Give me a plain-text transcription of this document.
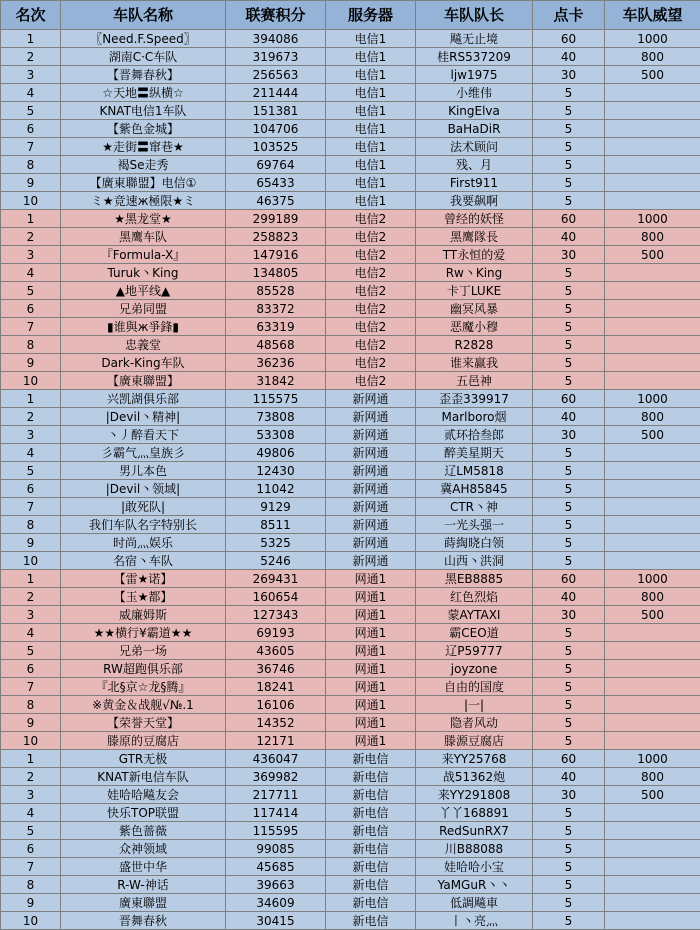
名次	车队名称	联赛积分	服务器	车队队长	点卡	车队威望
1	〖Need.F.Speed〗	394086	电信1	飚无止境	60	1000
2	湖南C·C车队	319673	电信1	桂RS537209	40	800
3	【晋舞春秋】	256563	电信1	ljw1975	30	500
4	☆天地〓纵横☆	211444	电信1	小维伟	5	
5	KNAT电信1车队	151381	电信1	KingElva	5	
6	【紫色金城】	104706	电信1	BaHaDiR	5	
7	★走街〓窜巷★	103525	电信1	法术顾问	5	
8	褐Se走秀	69764	电信1	残、月	5	
9	【廣東聯盟】电信①	65433	电信1	First911	5	
10	ミ★竞速ж極限★ミ	46375	电信1	我要飙啊	5	
1	★黑龙堂★	299189	电信2	曾经的妖怪	60	1000
2	黑鹰车队	258823	电信2	黑鹰隊長	40	800
3	『Formula-X』	147916	电信2	TT永恒的爱	30	500
4	Turuk丶King	134805	电信2	Rw丶King	5	
5	▲地平线▲	85528	电信2	卡丁LUKE	5	
6	兄弟同盟	83372	电信2	幽冥风暴	5	
7	▮谁與ж爭鋒▮	63319	电信2	恶魔小穆	5	
8	忠義堂	48568	电信2	R2828	5	
9	Dark-King车队	36236	电信2	谁来赢我	5	
10	【廣東聯盟】	31842	电信2	五邑神	5	
1	兴凯湖俱乐部	115575	新网通	歪歪339917	60	1000
2	|Devil丶精神|	73808	新网通	Marlboro烟	40	800
3	丶丿醉看天下	53308	新网通	贰环拾叁郎	30	500
4	彡霸气灬皇族彡	49806	新网通	醉美星期天	5	
5	男儿本色	12430	新网通	辽LM5818	5	
6	|Devil丶领域|	11042	新网通	冀AH85845	5	
7	|敢死队|	9129	新网通	CTR丶神	5	
8	我们车队名字特别长	8511	新网通	一光头强一	5	
9	时尚灬娱乐	5325	新网通	蒔綯晓白领	5	
10	名宿丶车队	5246	新网通	山西丶洪洞	5	
1	【雷★诺】	269431	网通1	黑EB8885	60	1000
2	【玉★都】	160654	网通1	红色烈焰	40	800
3	威廉姆斯	127343	网通1	蒙AYTAXI	30	500
4	★★横行¥霸道★★	69193	网通1	霸CEO道	5	
5	兄弟一场	43605	网通1	辽P59777	5	
6	RW超跑俱乐部	36746	网通1	joyzone	5	
7	『北§京☆龙§腾』	18241	网通1	自由的国度	5	
8	※黄金＆战舰√№.1	16106	网通1	|一|	5	
9	【荣誉天堂】	14352	网通1	隐者风动	5	
10	滕原的豆腐店	12171	网通1	滕源豆腐店	5	
1	GTR无极	436047	新电信	来YY25768	60	1000
2	KNAT新电信车队	369982	新电信	战51362炮	40	800
3	娃哈哈飚友会	217711	新电信	来YY291808	30	500
4	快乐TOP联盟	117414	新电信	丫丫168891	5	
5	紫色蔷薇	115595	新电信	RedSunRX7	5	
6	众神领域	99085	新电信	川B88088	5	
7	盛世中华	45685	新电信	娃哈哈小宝	5	
8	R-W-神话	39663	新电信	YaMGuR丶丶	5	
9	廣東聯盟	34609	新电信	低調飚車	5	
10	晋舞春秋	30415	新电信	丨丶亮灬	5	
